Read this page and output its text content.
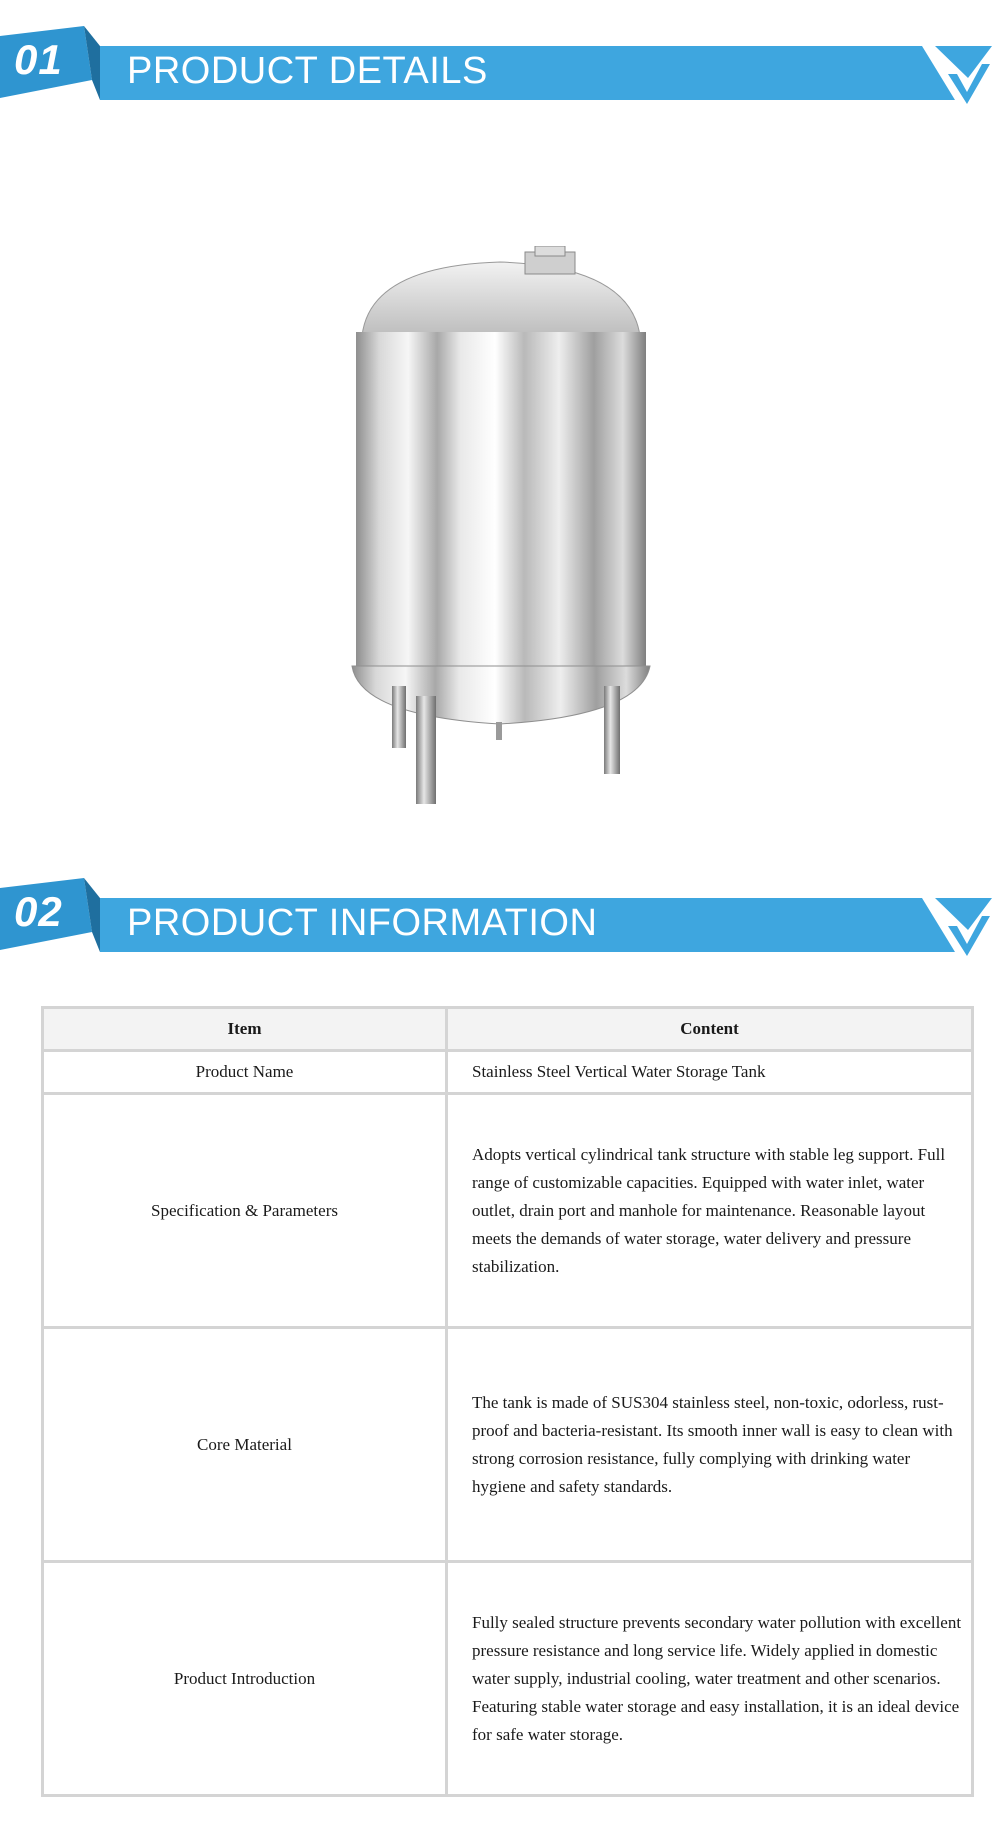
01 PRODUCT DETAILS
02 PRODUCT INFORMATION
Item	Content
Product Name	Stainless Steel Vertical Water Storage Tank
Specification & Parameters	Adopts vertical cylindrical tank structure with stable leg support. Full range of customizable capacities. Equipped with water inlet, water outlet, drain port and manhole for maintenance. Reasonable layout meets the demands of water storage, water delivery and pressure stabilization.
Core Material	The tank is made of SUS304 stainless steel, non-toxic, odorless, rust-proof and bacteria-resistant. Its smooth inner wall is easy to clean with strong corrosion resistance, fully complying with drinking water hygiene and safety standards.
Product Introduction	Fully sealed structure prevents secondary water pollution with excellent pressure resistance and long service life. Widely applied in domestic water supply, industrial cooling, water treatment and other scenarios. Featuring stable water storage and easy installation, it is an ideal device for safe water storage.
